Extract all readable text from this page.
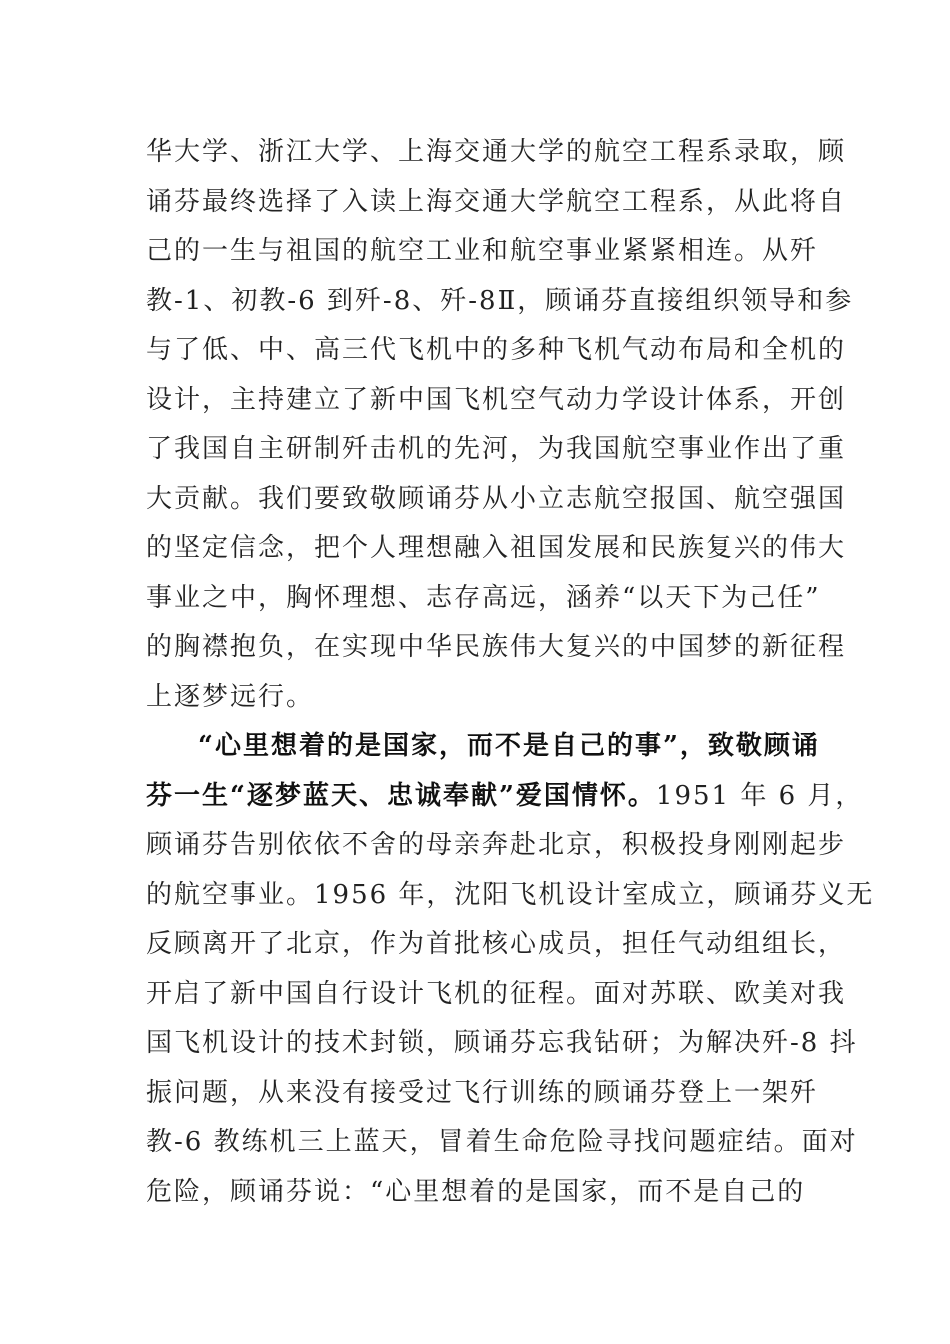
华大学、浙江大学、上海交通大学的航空工程系录取，顾
诵芬最终选择了入读上海交通大学航空工程系，从此将自
己的一生与祖国的航空工业和航空事业紧紧相连。从歼
教-1、初教-6 到歼-8、歼-8Ⅱ，顾诵芬直接组织领导和参
与了低、中、高三代飞机中的多种飞机气动布局和全机的
设计，主持建立了新中国飞机空气动力学设计体系，开创
了我国自主研制歼击机的先河，为我国航空事业作出了重
大贡献。我们要致敬顾诵芬从小立志航空报国、航空强国
的坚定信念，把个人理想融入祖国发展和民族复兴的伟大
事业之中，胸怀理想、志存高远，涵养“以天下为己任”
的胸襟抱负，在实现中华民族伟大复兴的中国梦的新征程
上逐梦远行。
“心里想着的是国家，而不是自己的事”，致敬顾诵
芬一生“逐梦蓝天、忠诚奉献”爱国情怀。1951 年 6 月，
顾诵芬告别依依不舍的母亲奔赴北京，积极投身刚刚起步
的航空事业。1956 年，沈阳飞机设计室成立，顾诵芬义无
反顾离开了北京，作为首批核心成员，担任气动组组长，
开启了新中国自行设计飞机的征程。面对苏联、欧美对我
国飞机设计的技术封锁，顾诵芬忘我钻研；为解决歼-8 抖
振问题，从来没有接受过飞行训练的顾诵芬登上一架歼
教-6 教练机三上蓝天，冒着生命危险寻找问题症结。面对
危险，顾诵芬说：“心里想着的是国家，而不是自己的
